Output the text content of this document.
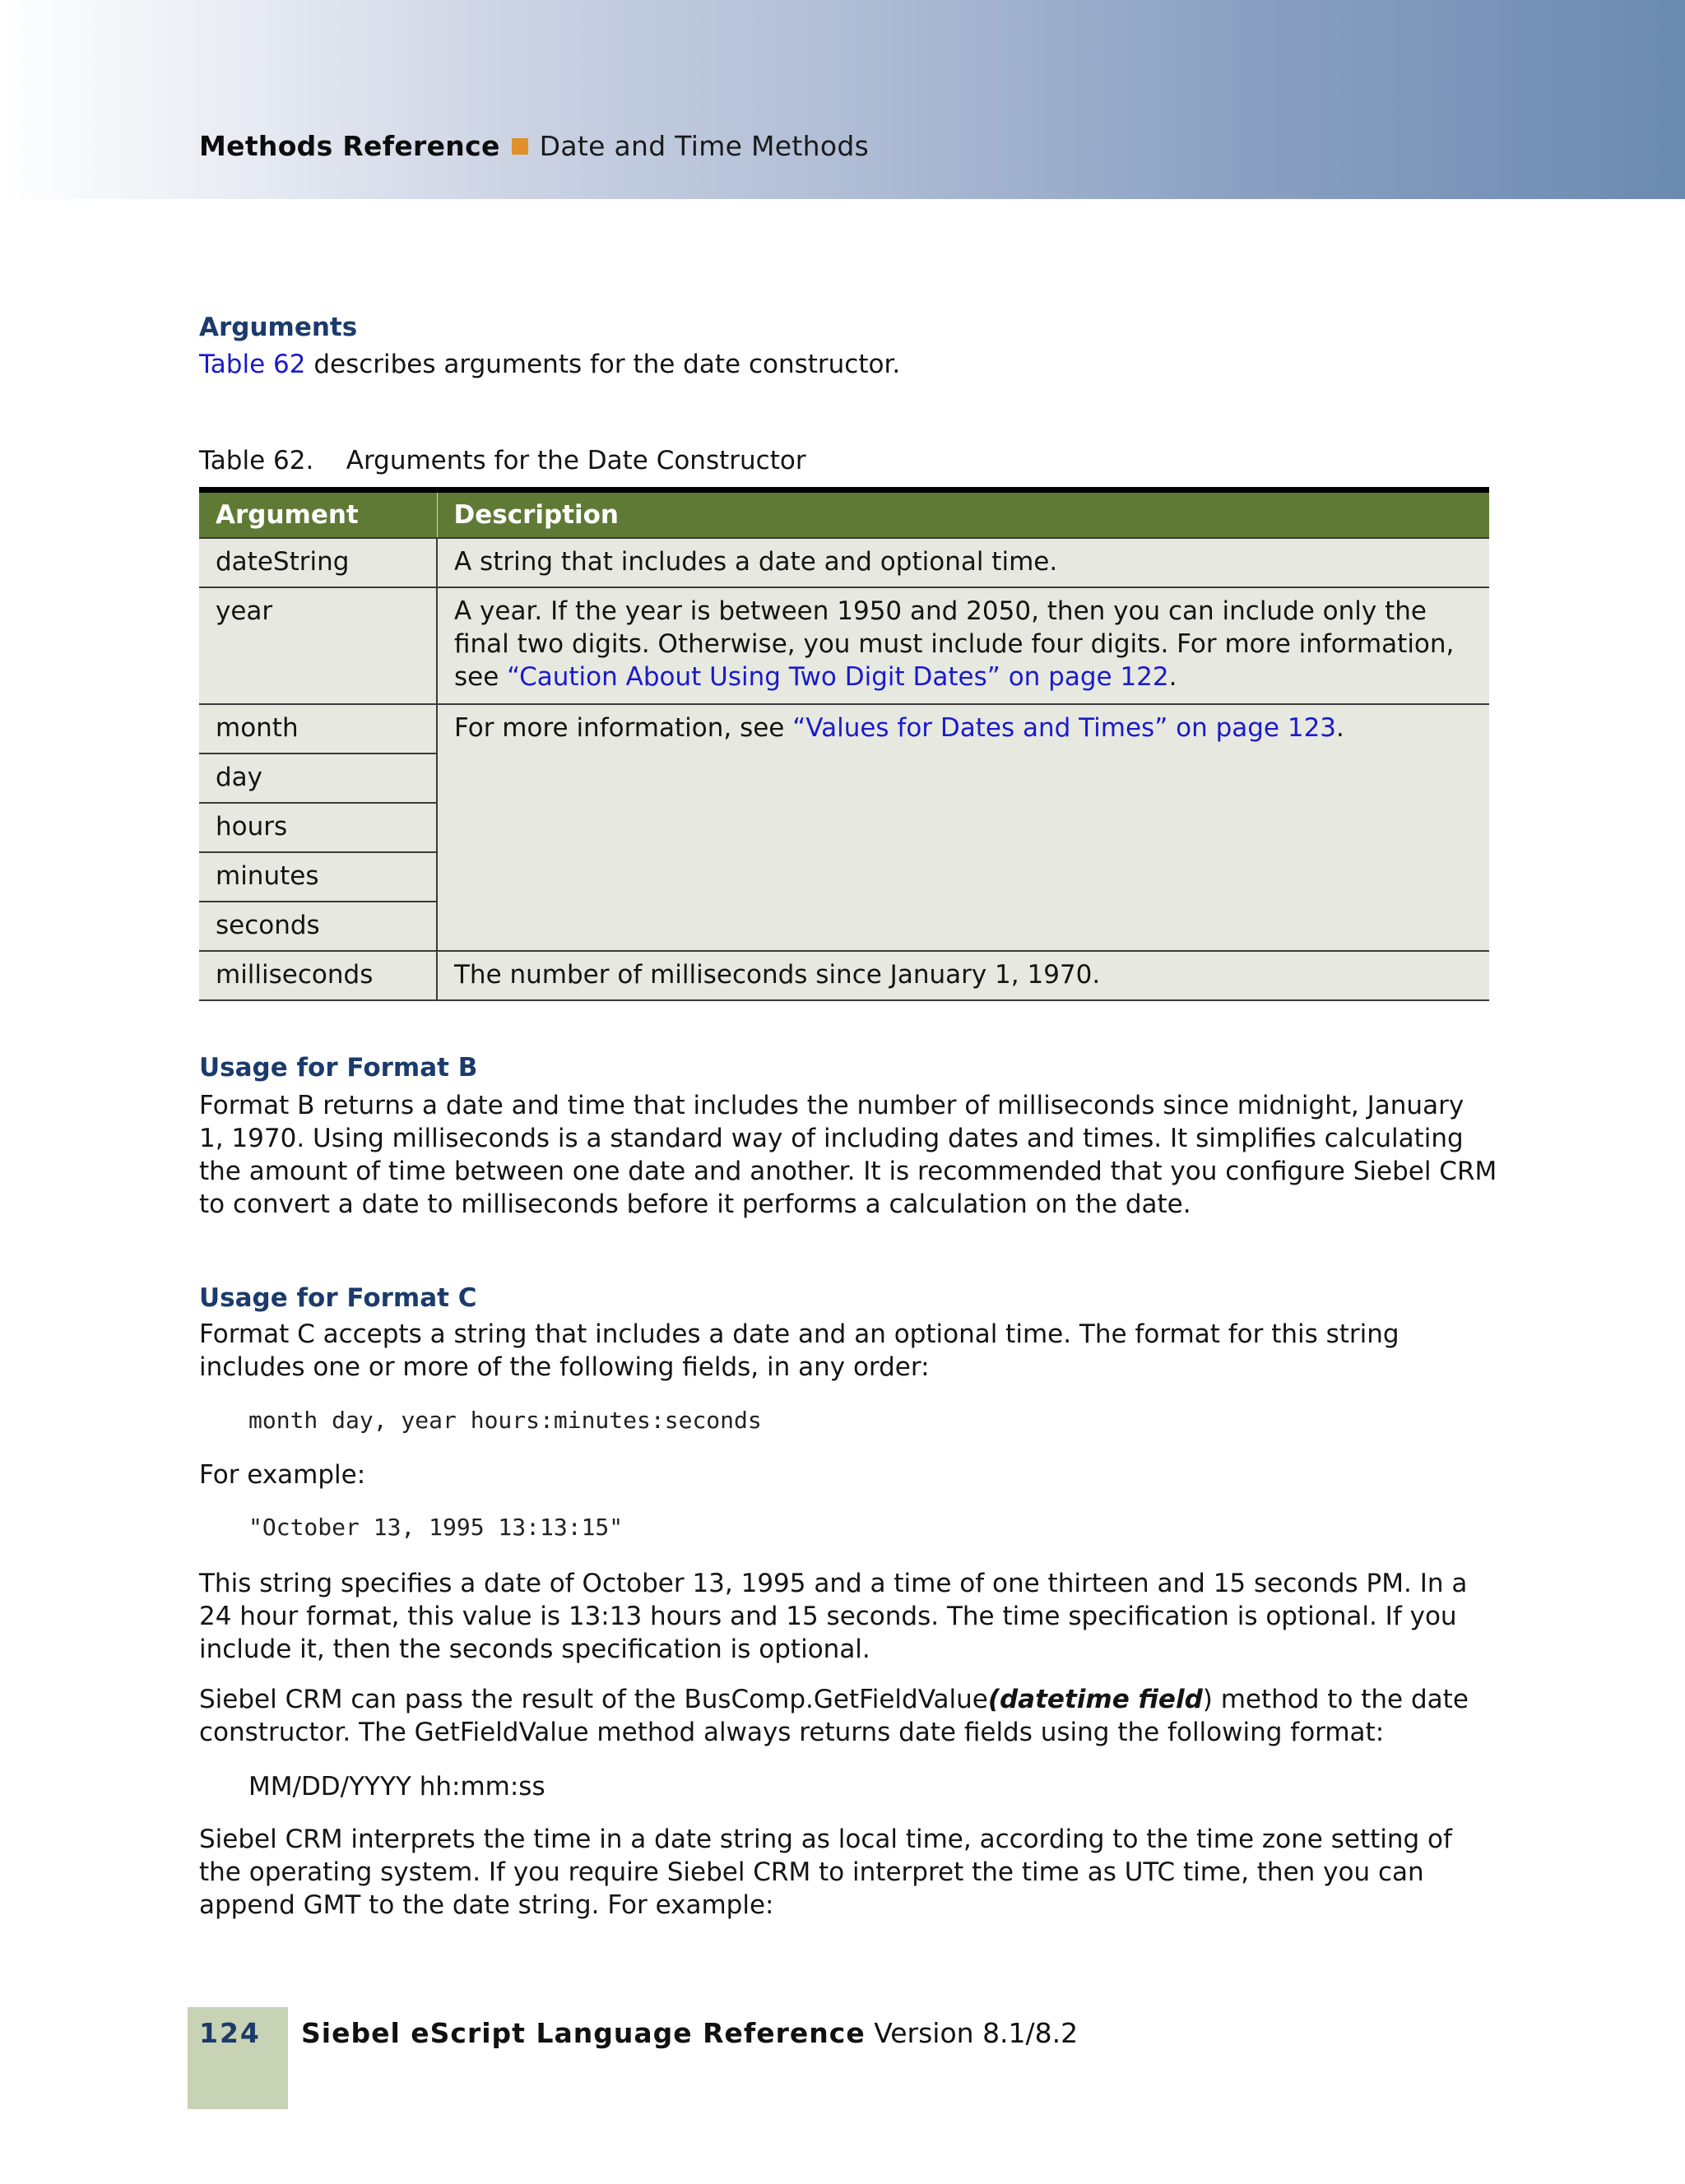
Methods Reference Date and Time Methods
Arguments
Table 62 describes arguments for the date constructor.
Table 62.    Arguments for the Date Constructor
Argument	Description
dateString	A string that includes a date and optional time.
year	A year. If the year is between 1950 and 2050, then you can include only the final two digits. Otherwise, you must include four digits. For more information, see “Caution About Using Two Digit Dates” on page 122.
month	For more information, see “Values for Dates and Times” on page 123.
day	
hours	
minutes	
seconds	
milliseconds	The number of milliseconds since January 1, 1970.
Usage for Format B
Format B returns a date and time that includes the number of milliseconds since midnight, January
1, 1970. Using milliseconds is a standard way of including dates and times. It simplifies calculating
the amount of time between one date and another. It is recommended that you configure Siebel CRM
to convert a date to milliseconds before it performs a calculation on the date.
Usage for Format C
Format C accepts a string that includes a date and an optional time. The format for this string
includes one or more of the following fields, in any order:
month day, year hours:minutes:seconds
For example:
"October 13, 1995 13:13:15"
This string specifies a date of October 13, 1995 and a time of one thirteen and 15 seconds PM. In a
24 hour format, this value is 13:13 hours and 15 seconds. The time specification is optional. If you
include it, then the seconds specification is optional.
Siebel CRM can pass the result of the BusComp.GetFieldValue(datetime field) method to the date
constructor. The GetFieldValue method always returns date fields using the following format:
MM/DD/YYYY hh:mm:ss
Siebel CRM interprets the time in a date string as local time, according to the time zone setting of
the operating system. If you require Siebel CRM to interpret the time as UTC time, then you can
append GMT to the date string. For example:
124 Siebel eScript Language Reference Version 8.1/8.2
